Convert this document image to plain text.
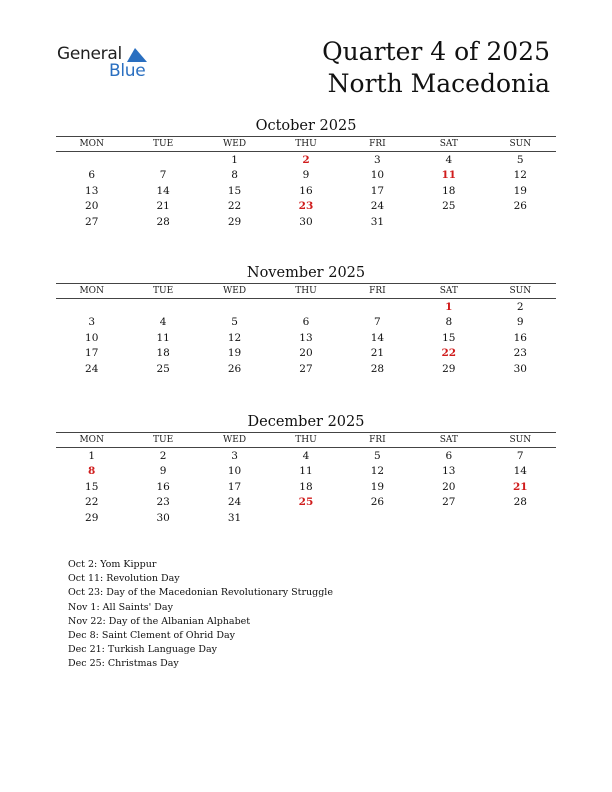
General
Blue
Quarter 4 of 2025
North Macedonia
October 2025
MON	TUE	WED	THU	FRI	SAT	SUN
		1	2	3	4	5
6	7	8	9	10	11	12
13	14	15	16	17	18	19
20	21	22	23	24	25	26
27	28	29	30	31		
November 2025
MON	TUE	WED	THU	FRI	SAT	SUN
					1	2
3	4	5	6	7	8	9
10	11	12	13	14	15	16
17	18	19	20	21	22	23
24	25	26	27	28	29	30
December 2025
MON	TUE	WED	THU	FRI	SAT	SUN
1	2	3	4	5	6	7
8	9	10	11	12	13	14
15	16	17	18	19	20	21
22	23	24	25	26	27	28
29	30	31				
Oct 2: Yom Kippur
Oct 11: Revolution Day
Oct 23: Day of the Macedonian Revolutionary Struggle
Nov 1: All Saints' Day
Nov 22: Day of the Albanian Alphabet
Dec 8: Saint Clement of Ohrid Day
Dec 21: Turkish Language Day
Dec 25: Christmas Day
